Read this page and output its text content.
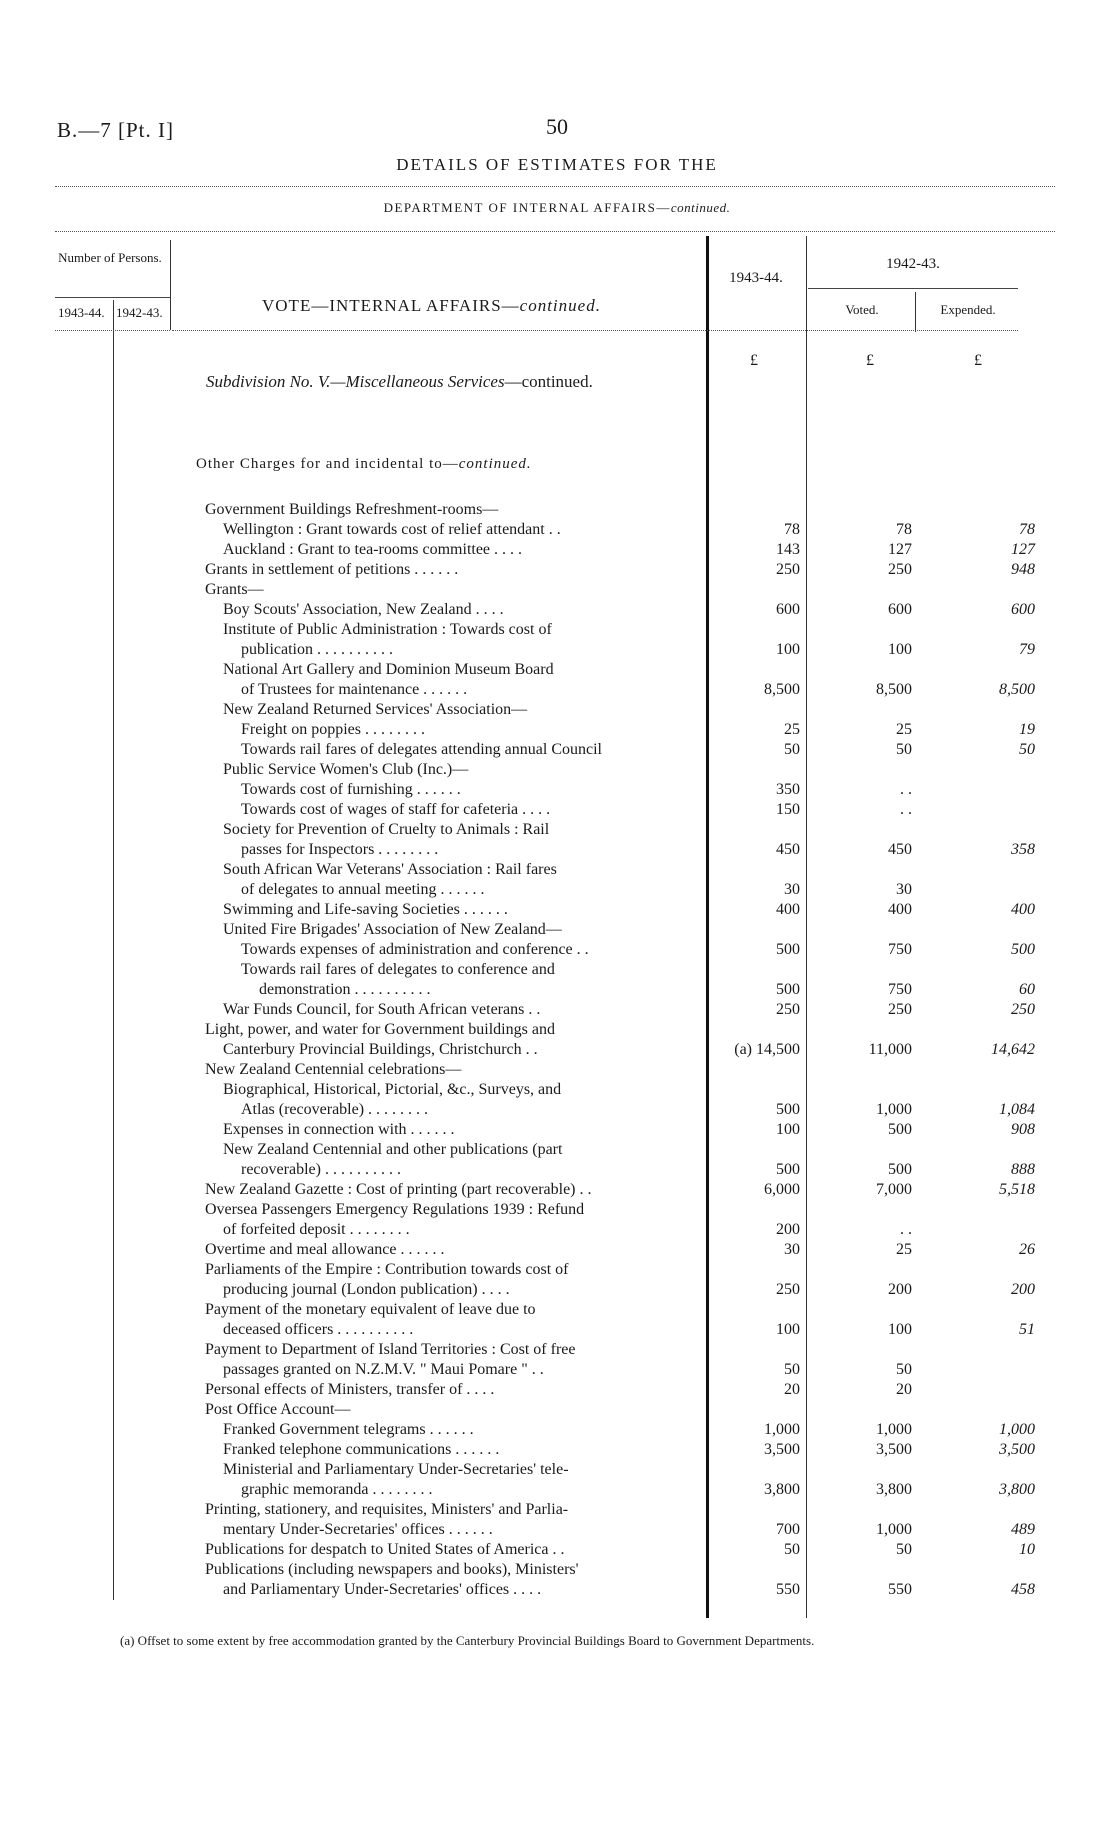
B.—7 [Pt. I]	50
DETAILS OF ESTIMATES FOR THE
DEPARTMENT OF INTERNAL AFFAIRS—continued.
Number of Persons.
1943-44. 1942-43.	VOTE—INTERNAL AFFAIRS—continued.
1943-44.
1942-43.
Voted.	Expended.
£	£	£
Subdivision No. V.—Miscellaneous Services—continued.
Other Charges for and incidental to—continued.
Government Buildings Refreshment-rooms—
Wellington : Grant towards cost of relief attendant . .	78	78	78
Auckland : Grant to tea-rooms committee . . . .	143	127	127
Grants in settlement of petitions . . . . . .	250	250	948
Grants—
Boy Scouts' Association, New Zealand . . . .	600	600	600
Institute of Public Administration : Towards cost of
publication . . . . . . . . . .	100	100	79
National Art Gallery and Dominion Museum Board
of Trustees for maintenance . . . . . .	8,500	8,500	8,500
New Zealand Returned Services' Association—
Freight on poppies . . . . . . . .	25	25	19
Towards rail fares of delegates attending annual Council	50	50	50
Public Service Women's Club (Inc.)—
Towards cost of furnishing . . . . . .	350	. .
Towards cost of wages of staff for cafeteria . . . .	150	. .
Society for Prevention of Cruelty to Animals : Rail
passes for Inspectors . . . . . . . .	450	450	358
South African War Veterans' Association : Rail fares
of delegates to annual meeting . . . . . .	30	30
Swimming and Life-saving Societies . . . . . .	400	400	400
United Fire Brigades' Association of New Zealand—
Towards expenses of administration and conference . .	500	750	500
Towards rail fares of delegates to conference and
demonstration . . . . . . . . . .	500	750	60
War Funds Council, for South African veterans . .	250	250	250
Light, power, and water for Government buildings and
Canterbury Provincial Buildings, Christchurch . .	(a) 14,500	11,000	14,642
New Zealand Centennial celebrations—
Biographical, Historical, Pictorial, &c., Surveys, and
Atlas (recoverable) . . . . . . . .	500	1,000	1,084
Expenses in connection with . . . . . .	100	500	908
New Zealand Centennial and other publications (part
recoverable) . . . . . . . . . .	500	500	888
New Zealand Gazette : Cost of printing (part recoverable) . .	6,000	7,000	5,518
Oversea Passengers Emergency Regulations 1939 : Refund
of forfeited deposit . . . . . . . .	200	. .
Overtime and meal allowance . . . . . .	30	25	26
Parliaments of the Empire : Contribution towards cost of
producing journal (London publication) . . . .	250	200	200
Payment of the monetary equivalent of leave due to
deceased officers . . . . . . . . . .	100	100	51
Payment to Department of Island Territories : Cost of free
passages granted on N.Z.M.V. " Maui Pomare " . .	50	50
Personal effects of Ministers, transfer of . . . .	20	20
Post Office Account—
Franked Government telegrams . . . . . .	1,000	1,000	1,000
Franked telephone communications . . . . . .	3,500	3,500	3,500
Ministerial and Parliamentary Under-Secretaries' tele-
graphic memoranda . . . . . . . .	3,800	3,800	3,800
Printing, stationery, and requisites, Ministers' and Parlia-
mentary Under-Secretaries' offices . . . . . .	700	1,000	489
Publications for despatch to United States of America . .	50	50	10
Publications (including newspapers and books), Ministers'
and Parliamentary Under-Secretaries' offices . . . .	550	550	458
(a) Offset to some extent by free accommodation granted by the Canterbury Provincial Buildings Board to Government Departments.
